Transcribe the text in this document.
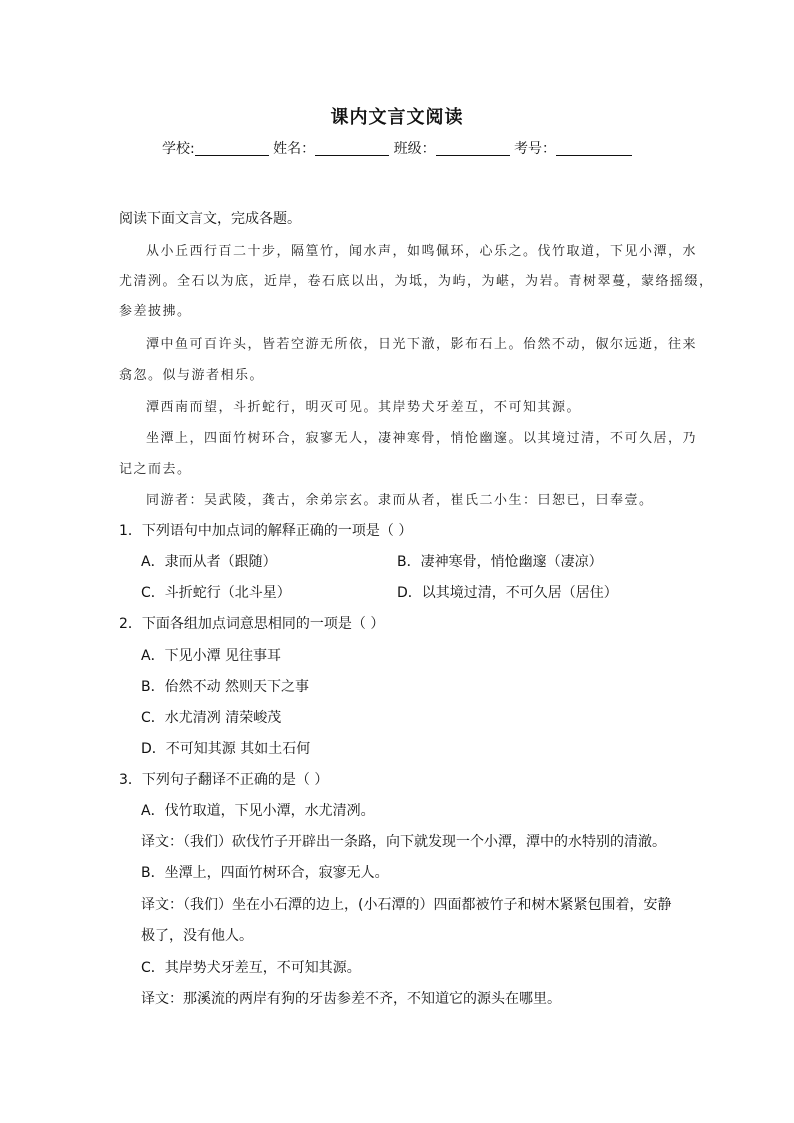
课内文言文阅读
学校:	姓名：	班级：	考号：
阅读下面文言文，完成各题。
从小丘西行百二十步，隔篁竹，闻水声，如鸣佩环，心乐之。伐竹取道，下见小潭，水
尤清洌。全石以为底，近岸，卷石底以出，为坻，为屿，为嵁，为岩。青树翠蔓，蒙络摇缀，
参差披拂。
潭中鱼可百许头，皆若空游无所依，日光下澈，影布石上。佁然不动，俶尔远逝，往来
翕忽。似与游者相乐。
潭西南而望，斗折蛇行，明灭可见。其岸势犬牙差互，不可知其源。
坐潭上，四面竹树环合，寂寥无人，凄神寒骨，悄怆幽邃。以其境过清，不可久居，乃
记之而去。
同游者：吴武陵，龚古，余弟宗玄。隶而从者，崔氏二小生：曰恕已，曰奉壹。
1．下列语句中加点词的解释正确的一项是（ ）
A．隶而从者（跟随）	B．凄神寒骨，悄怆幽邃（凄凉）
C．斗折蛇行（北斗星）	D．以其境过清，不可久居（居住）
2．下面各组加点词意思相同的一项是（ ）
A．下见小潭 见往事耳
B．佁然不动 然则天下之事
C．水尤清冽 清荣峻茂
D．不可知其源 其如土石何
3．下列句子翻译不正确的是（ ）
A．伐竹取道，下见小潭，水尤清冽。
译文：（我们）砍伐竹子开辟出一条路，向下就发现一个小潭，潭中的水特别的清澈。
B．坐潭上，四面竹树环合，寂寥无人。
译文：（我们）坐在小石潭的边上，(小石潭的）四面都被竹子和树木紧紧包围着，安静
极了，没有他人。
C．其岸势犬牙差互，不可知其源。
译文：那溪流的两岸有狗的牙齿参差不齐，不知道它的源头在哪里。
